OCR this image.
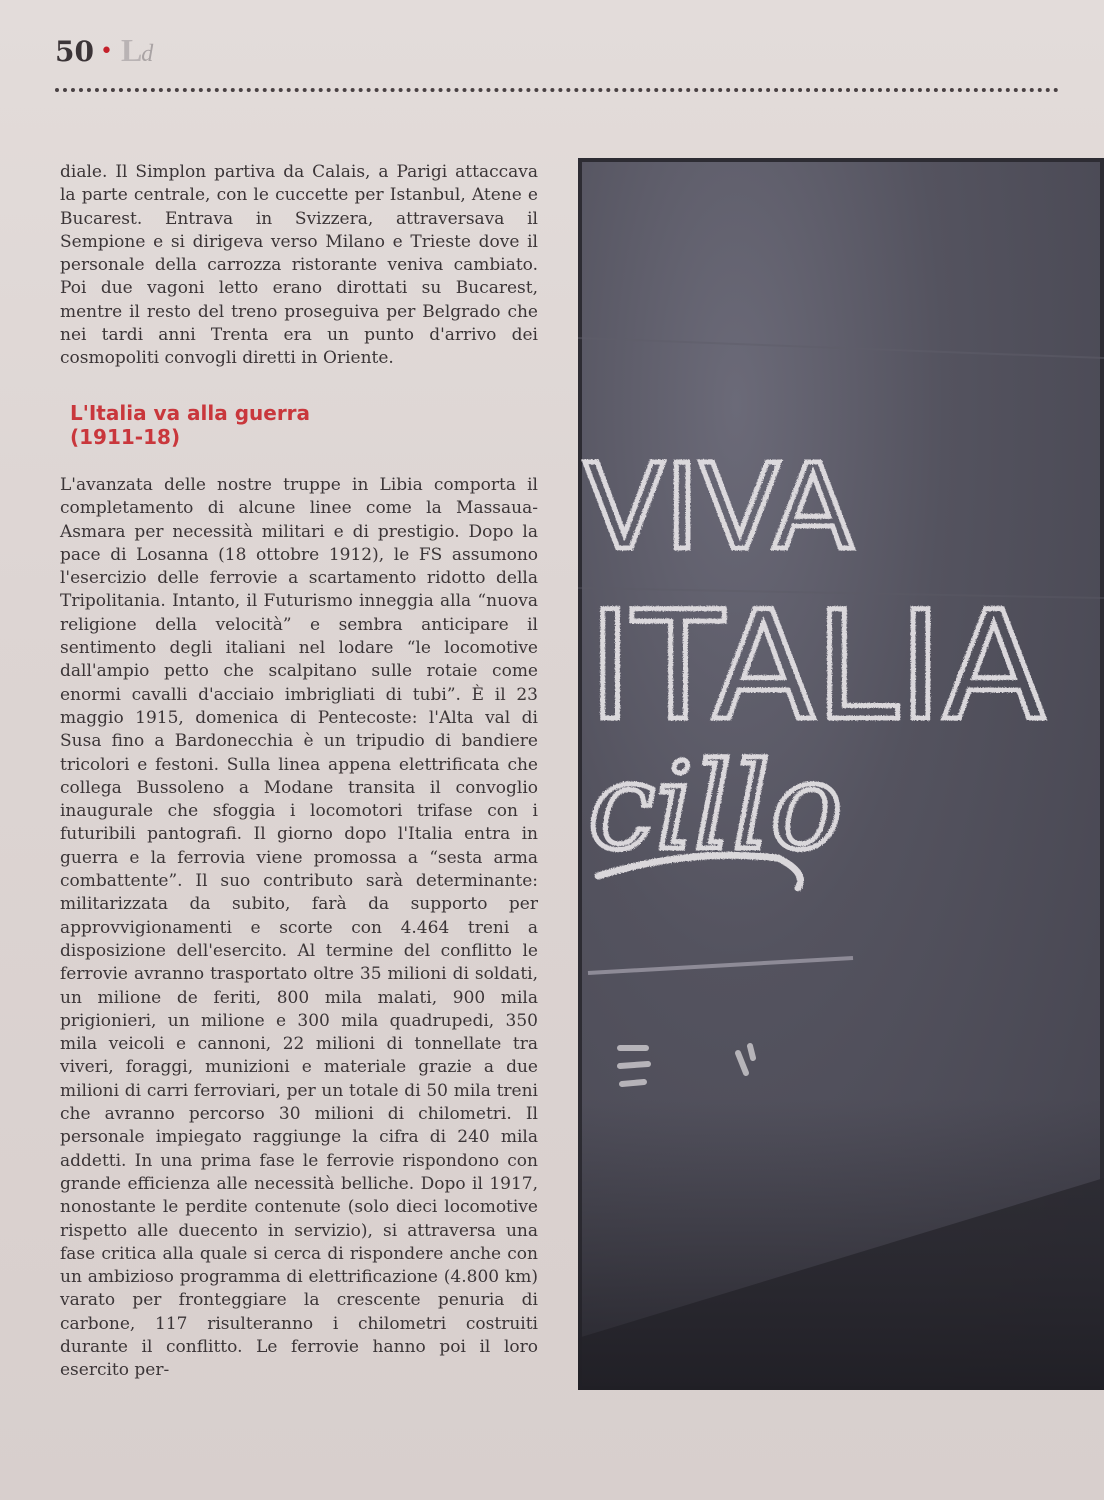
50 • Ld

diale. Il Simplon partiva da Calais, a Parigi attaccava la parte centrale, con le cuccette per Istanbul, Atene e Bucarest. Entrava in Svizzera, attraversava il Sempione e si dirigeva verso Milano e Trieste dove il personale della carrozza ristorante veniva cambiato. Poi due vagoni letto erano dirottati su Bucarest, mentre il resto del treno proseguiva per Belgrado che nei tardi anni Trenta era un punto d'arrivo dei cosmopoliti convogli diretti in Oriente.

L'Italia va alla guerra
(1911-18)

L'avanzata delle nostre truppe in Libia comporta il completamento di alcune linee come la Massaua-Asmara per necessità militari e di prestigio. Dopo la pace di Losanna (18 ottobre 1912), le FS assumono l'esercizio delle ferrovie a scartamento ridotto della Tripolitania. Intanto, il Futurismo inneggia alla “nuova religione della velocità” e sembra anticipare il sentimento degli italiani nel lodare “le locomotive dall'ampio petto che scalpitano sulle rotaie come enormi cavalli d'acciaio imbrigliati di tubi”. È il 23 maggio 1915, domenica di Pentecoste: l'Alta val di Susa fino a Bardonecchia è un tripudio di bandiere tricolori e festoni. Sulla linea appena elettrificata che collega Bussoleno a Modane transita il convoglio inaugurale che sfoggia i locomotori trifase con i futuribili pantografi. Il giorno dopo l'Italia entra in guerra e la ferrovia viene promossa a “sesta arma combattente”. Il suo contributo sarà determinante: militarizzata da subito, farà da supporto per approvvigionamenti e scorte con 4.464 treni a disposizione dell'esercito. Al termine del conflitto le ferrovie avranno trasportato oltre 35 milioni di soldati, un milione de feriti, 800 mila malati, 900 mila prigionieri, un milione e 300 mila quadrupedi, 350 mila veicoli e cannoni, 22 milioni di tonnellate tra viveri, foraggi, munizioni e materiale grazie a due milioni di carri ferroviari, per un totale di 50 mila treni che avranno percorso 30 milioni di chilometri. Il personale impiegato raggiunge la cifra di 240 mila addetti. In una prima fase le ferrovie rispondono con grande efficienza alle necessità belliche. Dopo il 1917, nonostante le perdite contenute (solo dieci locomotive rispetto alle duecento in servizio), si attraversa una fase critica alla quale si cerca di rispondere anche con un ambizioso programma di elettrificazione (4.800 km) varato per fronteggiare la crescente penuria di carbone, 117 risulteranno i chilometri costruiti durante il conflitto. Le ferrovie hanno poi il loro esercito per-

VIVA
ITALIA
cillo
